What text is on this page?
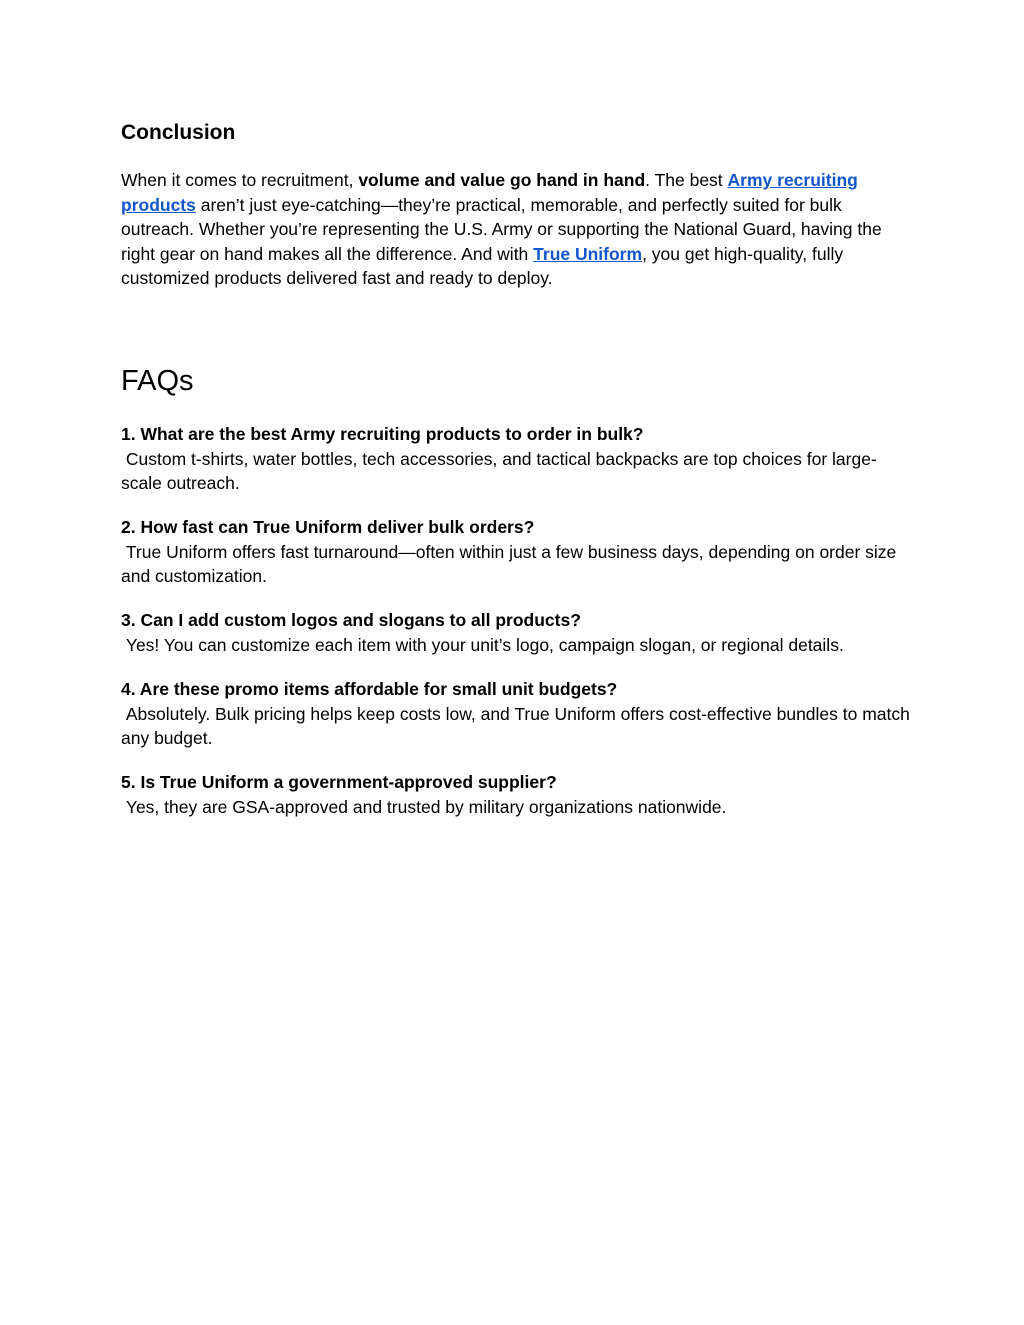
Conclusion

When it comes to recruitment, volume and value go hand in hand. The best Army recruiting products aren’t just eye-catching—they’re practical, memorable, and perfectly suited for bulk outreach. Whether you’re representing the U.S. Army or supporting the National Guard, having the right gear on hand makes all the difference. And with True Uniform, you get high-quality, fully customized products delivered fast and ready to deploy.

FAQs

1. What are the best Army recruiting products to order in bulk?
Custom t-shirts, water bottles, tech accessories, and tactical backpacks are top choices for large-scale outreach.

2. How fast can True Uniform deliver bulk orders?
True Uniform offers fast turnaround—often within just a few business days, depending on order size and customization.

3. Can I add custom logos and slogans to all products?
Yes! You can customize each item with your unit’s logo, campaign slogan, or regional details.

4. Are these promo items affordable for small unit budgets?
Absolutely. Bulk pricing helps keep costs low, and True Uniform offers cost-effective bundles to match any budget.

5. Is True Uniform a government-approved supplier?
Yes, they are GSA-approved and trusted by military organizations nationwide.
